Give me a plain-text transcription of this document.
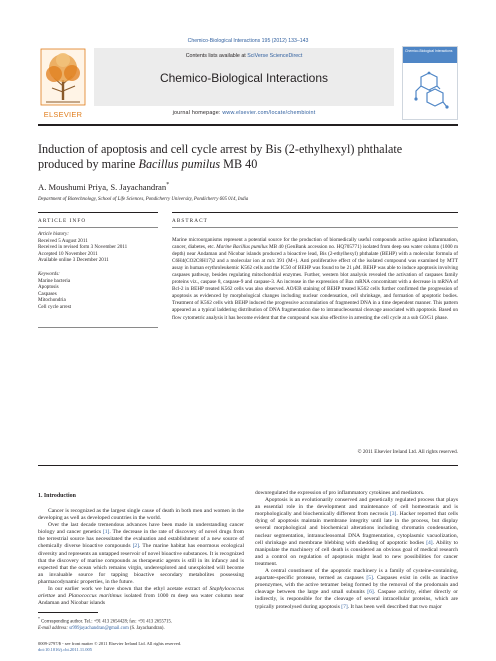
Chemico-Biological Interactions 195 (2012) 133–143
ELSEVIER
Contents lists available at SciVerse ScienceDirect
Chemico-Biological Interactions
journal homepage: www.elsevier.com/locate/chembioint
Chemico-Biological Interactions
Induction of apoptosis and cell cycle arrest by Bis (2-ethylhexyl) phthalate
produced by marine Bacillus pumilus MB 40
A. Moushumi Priya, S. Jayachandran*
Department of Biotechnology, School of Life Sciences, Pondicherry University, Pondicherry 605 014, India
ARTICLE INFO	ABSTRACT
Article history:
Received 5 August 2011
Received in revised form 3 November 2011
Accepted 10 November 2011
Available online 3 December 2011
Keywords:
Marine bacteria
Apoptosis
Caspases
Mitochondria
Cell cycle arrest
Marine microorganisms represent a potential source for the production of biomedically useful compounds active against inflammation, cancer, diabetes, etc. Marine Bacillus pumilus MB 40 (GenBank accession no. HQ705771) isolated from deep sea water column (1000 m depth) near Andaman and Nicobar islands produced a bioactive lead, Bis (2-ethylhexyl) phthalate (BEHP) with a molecular formula of C6H4(CO2C8H17)2 and a molecular ion at m/z 391 (M+). Anti proliferative effect of the isolated compound was examined by MTT assay in human erythroleukemic K562 cells and the IC50 of BEHP was found to be 21 μM. BEHP was able to induce apoptosis involving caspases pathway, besides regulating mitochondrial enzymes. Further, western blot analysis revealed the activation of caspases family proteins viz., caspase 8, caspase-9 and caspase-3. An increase in the expression of Bax mRNA concomitant with a decrease in mRNA of Bcl-2 in BEHP treated K562 cells was also observed. AO/EB staining of BEHP treated K562 cells further confirmed the progression of apoptosis as evidenced by morphological changes including nuclear condensation, cell shrinkage, and formation of apoptotic bodies. Treatment of K562 cells with BEHP induced the progressive accumulation of fragmented DNA in a time dependent manner. This pattern appeared as a typical laddering distribution of DNA fragmentation due to intranucleosomal cleavage associated with apoptosis. Based on flow cytometric analysis it has become evident that the compound was also effective in arresting the cell cycle at a sub G0/G1 phase.
© 2011 Elsevier Ireland Ltd. All rights reserved.
1. Introduction

Cancer is recognized as the largest single cause of death in both men and women in the developing as well as developed countries in the world.

Over the last decade tremendous advances have been made in understanding cancer biology and cancer genetics [1]. The decrease in the rate of discovery of novel drugs from the terrestrial source has necessitated the evaluation and establishment of a new source of chemically diverse bioactive compounds [2]. The marine habitat has enormous ecological diversity and represents an untapped reservoir of novel bioactive substances. It is recognized that the discovery of marine compounds as therapeutic agents is still in its infancy and is expected that the ocean which remains virgin, underexplored and unexploited will become an invaluable source for tapping bioactive secondary metabolites possessing pharmacodynamic properties, in the future.

In our earlier work we have shown that the ethyl acetate extract of Staphylococcus arlettae and Planococcus maritimus isolated from 1000 m deep sea water column near Andaman and Nicobar islands

downregulated the expression of pro inflammatory cytokines and mediators.

Apoptosis is an evolutionarily conserved and genetically regulated process that plays an essential role in the development and maintenance of cell homeostasis and is morphologically and biochemically different from necrosis [3]. Hacker reported that cells dying of apoptosis maintain membrane integrity until late in the process, but display several morphological and biochemical alterations including chromatin condensation, nuclear segmentation, intranucleosomal DNA fragmentation, cytoplasmic vacuolization, cell shrinkage and membrane blebbing with shedding of apoptotic bodies [4]. Ability to manipulate the machinery of cell death is considered an obvious goal of medical research and a control on regulation of apoptosis might lead to new possibilities for cancer treatment.

A central constituent of the apoptotic machinery is a family of cysteine-containing, aspartate-specific protease, termed as caspases [5]. Caspases exist in cells as inactive proenzymes, with the active tetramer being formed by the removal of the prodomain and cleavage between the large and small subunits [6]. Caspase activity, either directly or indirectly, is responsible for the cleavage of several intracellular proteins, which are typically proteolysed during apoptosis [7]. It has been well described that two major

* Corresponding author. Tel.: +91 413 2654428; fax: +91 413 2655715.
E-mail address: sr999jayachandran@gmail.com (S. Jayachandran).
0009-2797/$ - see front matter © 2011 Elsevier Ireland Ltd. All rights reserved.
doi:10.1016/j.cbi.2011.11.005
